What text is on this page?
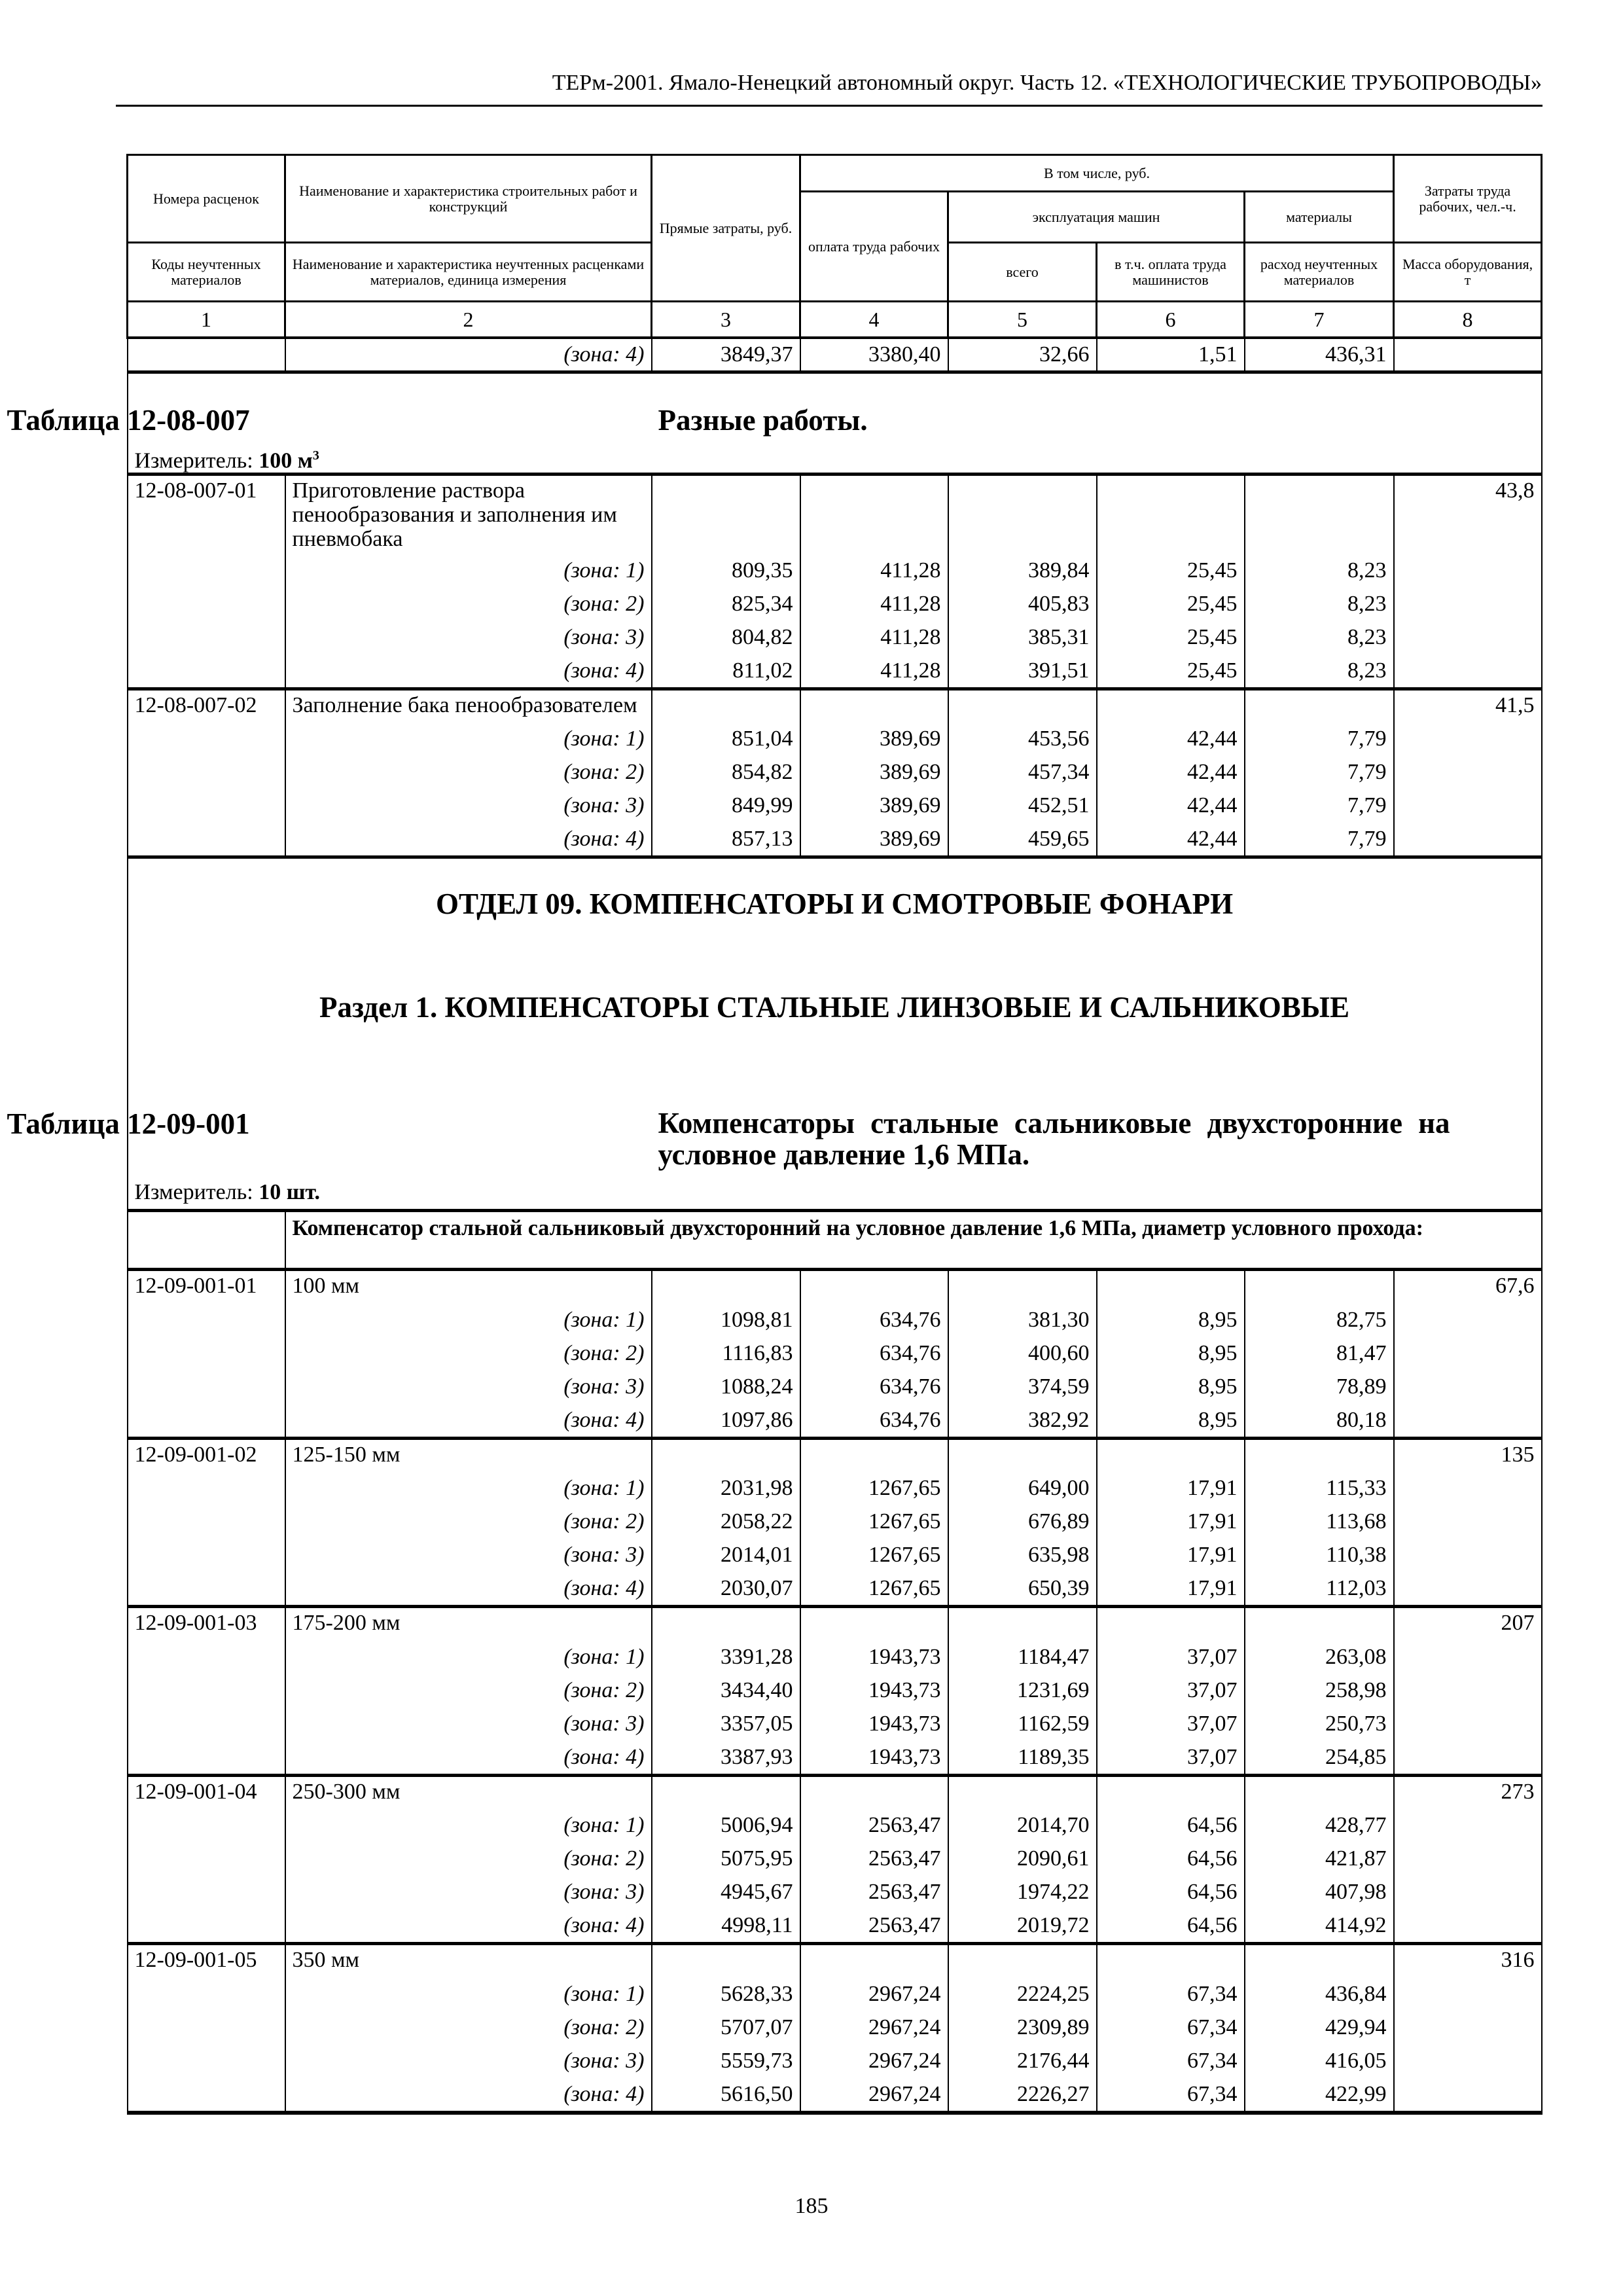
ТЕРм-2001. Ямало-Ненецкий автономный округ. Часть 12. «ТЕХНОЛОГИЧЕСКИЕ ТРУБОПРОВОДЫ»
Номера расценок	Наименование и характеристика строительных работ и конструкций	Прямые затраты, руб.	В том числе, руб.				Затраты труда рабочих, чел.-ч.
			оплата труда рабочих	эксплуатация машин		материалы	
Коды неучтенных материалов	Наименование и характеристика неучтенных расценками материалов, единица измерения			всего	в т.ч. оплата труда машинистов	расход неучтенных материалов	Масса оборудования, т
1	2	3	4	5	6	7	8
	(зона: 4)	3849,37	3380,40	32,66	1,51	436,31	

Таблица 12-08-007 Разные работы.
Измеритель: 100 $м^3$

12-08-007-01	Приготовление раствора пенообразования и заполнения им пневмобака						43,8
	(зона: 1)	809,35	411,28	389,84	25,45	8,23	
	(зона: 2)	825,34	411,28	405,83	25,45	8,23	
	(зона: 3)	804,82	411,28	385,31	25,45	8,23	
	(зона: 4)	811,02	411,28	391,51	25,45	8,23	
12-08-007-02	Заполнение бака пенообразователем						41,5
	(зона: 1)	851,04	389,69	453,56	42,44	7,79	
	(зона: 2)	854,82	389,69	457,34	42,44	7,79	
	(зона: 3)	849,99	389,69	452,51	42,44	7,79	
	(зона: 4)	857,13	389,69	459,65	42,44	7,79	

ОТДЕЛ 09. КОМПЕНСАТОРЫ И СМОТРОВЫЕ ФОНАРИ
Раздел 1. КОМПЕНСАТОРЫ СТАЛЬНЫЕ ЛИНЗОВЫЕ И САЛЬНИКОВЫЕ
Таблица 12-09-001 Компенсаторы стальные сальниковые двухсторонние на условное давление 1,6 МПа.
Измеритель: 10 шт.							

	Компенсатор стальной сальниковый двухсторонний на условное давление 1,6 МПа, диаметр условного прохода:						
12-09-001-01	100 мм						67,6
	(зона: 1)	1098,81	634,76	381,30	8,95	82,75	
	(зона: 2)	1116,83	634,76	400,60	8,95	81,47	
	(зона: 3)	1088,24	634,76	374,59	8,95	78,89	
	(зона: 4)	1097,86	634,76	382,92	8,95	80,18	
12-09-001-02	125-150 мм						135
	(зона: 1)	2031,98	1267,65	649,00	17,91	115,33	
	(зона: 2)	2058,22	1267,65	676,89	17,91	113,68	
	(зона: 3)	2014,01	1267,65	635,98	17,91	110,38	
	(зона: 4)	2030,07	1267,65	650,39	17,91	112,03	
12-09-001-03	175-200 мм						207
	(зона: 1)	3391,28	1943,73	1184,47	37,07	263,08	
	(зона: 2)	3434,40	1943,73	1231,69	37,07	258,98	
	(зона: 3)	3357,05	1943,73	1162,59	37,07	250,73	
	(зона: 4)	3387,93	1943,73	1189,35	37,07	254,85	
12-09-001-04	250-300 мм						273
	(зона: 1)	5006,94	2563,47	2014,70	64,56	428,77	
	(зона: 2)	5075,95	2563,47	2090,61	64,56	421,87	
	(зона: 3)	4945,67	2563,47	1974,22	64,56	407,98	
	(зона: 4)	4998,11	2563,47	2019,72	64,56	414,92	
12-09-001-05	350 мм						316
	(зона: 1)	5628,33	2967,24	2224,25	67,34	436,84	
	(зона: 2)	5707,07	2967,24	2309,89	67,34	429,94	
	(зона: 3)	5559,73	2967,24	2176,44	67,34	416,05	
	(зона: 4)	5616,50	2967,24	2226,27	67,34	422,99	
185
